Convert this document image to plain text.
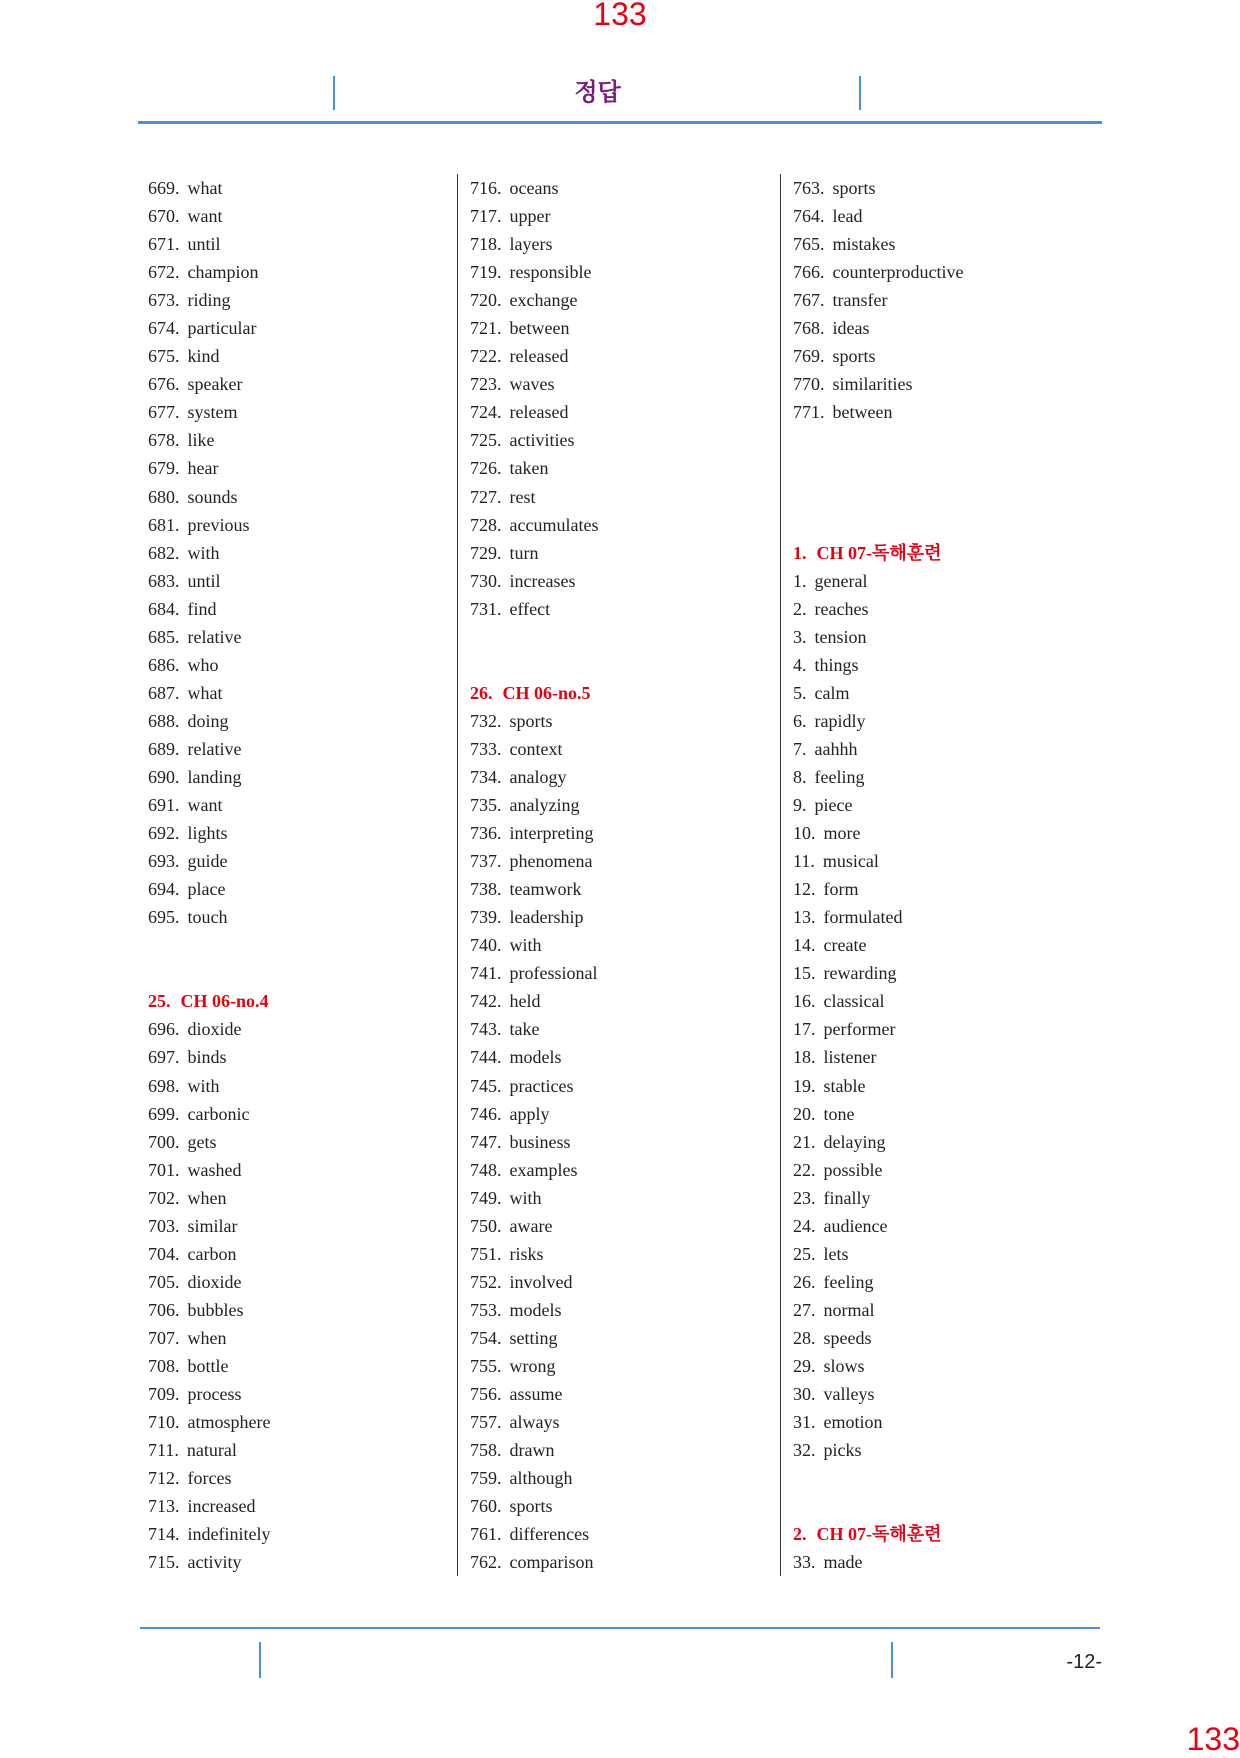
133
정답
669. what
670. want
671. until
672. champion
673. riding
674. particular
675. kind
676. speaker
677. system
678. like
679. hear
680. sounds
681. previous
682. with
683. until
684. find
685. relative
686. who
687. what
688. doing
689. relative
690. landing
691. want
692. lights
693. guide
694. place
695. touch
25. CH 06-no.4
696. dioxide
697. binds
698. with
699. carbonic
700. gets
701. washed
702. when
703. similar
704. carbon
705. dioxide
706. bubbles
707. when
708. bottle
709. process
710. atmosphere
711. natural
712. forces
713. increased
714. indefinitely
715. activity
716. oceans
717. upper
718. layers
719. responsible
720. exchange
721. between
722. released
723. waves
724. released
725. activities
726. taken
727. rest
728. accumulates
729. turn
730. increases
731. effect
26. CH 06-no.5
732. sports
733. context
734. analogy
735. analyzing
736. interpreting
737. phenomena
738. teamwork
739. leadership
740. with
741. professional
742. held
743. take
744. models
745. practices
746. apply
747. business
748. examples
749. with
750. aware
751. risks
752. involved
753. models
754. setting
755. wrong
756. assume
757. always
758. drawn
759. although
760. sports
761. differences
762. comparison
763. sports
764. lead
765. mistakes
766. counterproductive
767. transfer
768. ideas
769. sports
770. similarities
771. between
1. CH 07-독해훈련
1. general
2. reaches
3. tension
4. things
5. calm
6. rapidly
7. aahhh
8. feeling
9. piece
10. more
11. musical
12. form
13. formulated
14. create
15. rewarding
16. classical
17. performer
18. listener
19. stable
20. tone
21. delaying
22. possible
23. finally
24. audience
25. lets
26. feeling
27. normal
28. speeds
29. slows
30. valleys
31. emotion
32. picks
2. CH 07-독해훈련
33. made
-12-
133
